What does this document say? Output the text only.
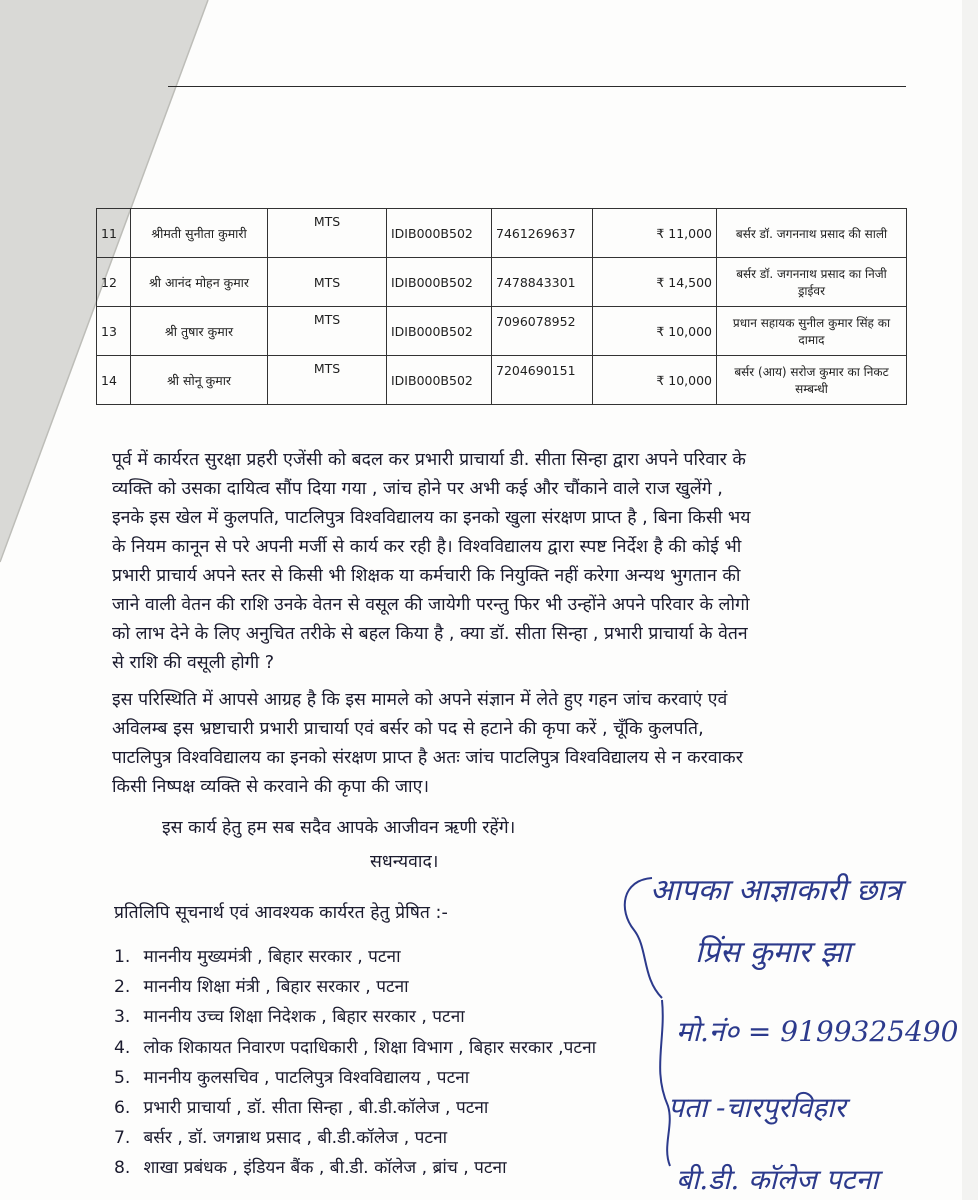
11	श्रीमती सुनीता कुमारी	MTS	IDIB000B502	7461269637	₹ 11,000	बर्सर डॉ. जगननाथ प्रसाद की साली
12	श्री आनंद मोहन कुमार	MTS	IDIB000B502	7478843301	₹ 14,500	बर्सर डॉ. जगननाथ प्रसाद का निजी ड्राईवर
13	श्री तुषार कुमार	MTS	IDIB000B502	7096078952	₹ 10,000	प्रधान सहायक सुनील कुमार सिंह का दामाद
14	श्री सोनू कुमार	MTS	IDIB000B502	7204690151	₹ 10,000	बर्सर (आय) सरोज कुमार का निकट सम्बन्धी
पूर्व में कार्यरत सुरक्षा प्रहरी एजेंसी को बदल कर प्रभारी प्राचार्या डी. सीता सिन्हा द्वारा अपने परिवार के
व्यक्ति को उसका दायित्व सौंप दिया गया , जांच होने पर अभी कई और चौंकाने वाले राज खुलेंगे ,
इनके इस खेल में कुलपति, पाटलिपुत्र विश्वविद्यालय का इनको खुला संरक्षण प्राप्त है , बिना किसी भय
के नियम कानून से परे अपनी मर्जी से कार्य कर रही है। विश्वविद्यालय द्वारा स्पष्ट निर्देश है की कोई भी
प्रभारी प्राचार्य अपने स्तर से किसी भी शिक्षक या कर्मचारी कि नियुक्ति नहीं करेगा अन्यथ भुगतान की
जाने वाली वेतन की राशि उनके वेतन से वसूल की जायेगी परन्तु फिर भी उन्होंने अपने परिवार के लोगो
को लाभ देने के लिए अनुचित तरीके से बहल किया है , क्या डॉ. सीता सिन्हा , प्रभारी प्राचार्या के वेतन
से राशि की वसूली होगी ?
इस परिस्थिति में आपसे आग्रह है कि इस मामले को अपने संज्ञान में लेते हुए गहन जांच करवाएं एवं
अविलम्ब इस भ्रष्टाचारी प्रभारी प्राचार्या एवं बर्सर को पद से हटाने की कृपा करें , चूँकि कुलपति,
पाटलिपुत्र विश्वविद्यालय का इनको संरक्षण प्राप्त है अतः जांच पाटलिपुत्र विश्वविद्यालय से न करवाकर
किसी निष्पक्ष व्यक्ति से करवाने की कृपा की जाए।
इस कार्य हेतु हम सब सदैव आपके आजीवन ऋणी रहेंगे।
सधन्यवाद।
प्रतिलिपि सूचनार्थ एवं आवश्यक कार्यरत हेतु प्रेषित :-
1. माननीय मुख्यमंत्री , बिहार सरकार , पटना
2. माननीय शिक्षा मंत्री , बिहार सरकार , पटना
3. माननीय उच्च शिक्षा निदेशक , बिहार सरकार , पटना
4. लोक शिकायत निवारण पदाधिकारी , शिक्षा विभाग , बिहार सरकार ,पटना
5. माननीय कुलसचिव , पाटलिपुत्र विश्वविद्यालय , पटना
6. प्रभारी प्राचार्या , डॉ. सीता सिन्हा , बी.डी.कॉलेज , पटना
7. बर्सर , डॉ. जगन्नाथ प्रसाद , बी.डी.कॉलेज , पटना
8. शाखा प्रबंधक , इंडियन बैंक , बी.डी. कॉलेज , ब्रांच , पटना
आपका आज्ञाकारी छात्र
प्रिंस कुमार झा
मो.नं० = 9199325490
पता -चारपुरविहार
बी.डी. कॉलेज पटना
